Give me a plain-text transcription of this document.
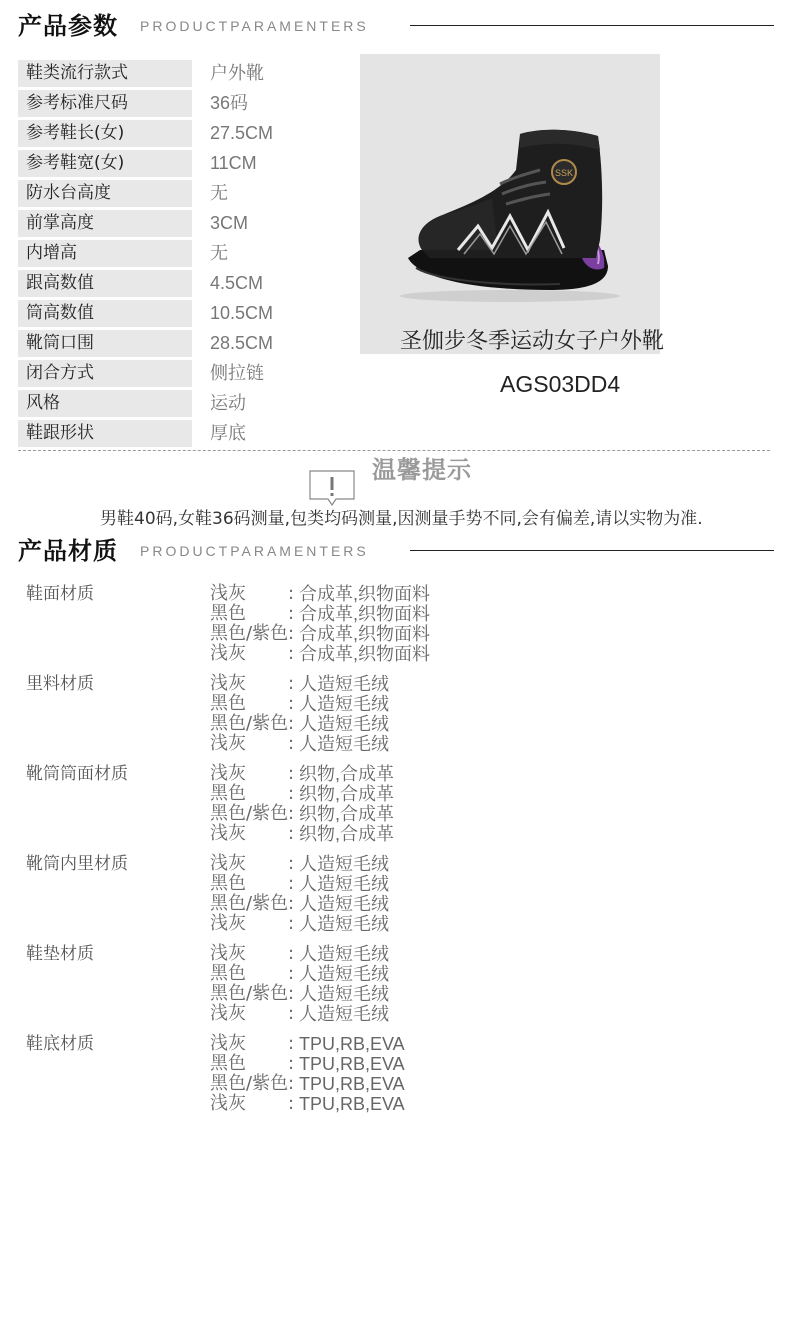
产品参数 PRODUCTPARAMENTERS
鞋类流行款式	户外靴
参考标准尺码	36码
参考鞋长(女)	27.5CM
参考鞋宽(女)	11CM
防水台高度	无
前掌高度	3CM
内增高	无
跟高数值	4.5CM
筒高数值	10.5CM
靴筒口围	28.5CM
闭合方式	侧拉链
风格	运动
鞋跟形状	厚底
SSK
圣伽步冬季运动女子户外靴
AGS03DD4
温馨提示
男鞋40码,女鞋36码测量,包类均码测量,因测量手势不同,会有偏差,请以实物为准.
产品材质 PRODUCTPARAMENTERS
鞋面材质	浅灰 : 合成革,织物面料
黑色 : 合成革,织物面料
黑色/紫色 : 合成革,织物面料
浅灰 : 合成革,织物面料
里料材质	浅灰 : 人造短毛绒
黑色 : 人造短毛绒
黑色/紫色 : 人造短毛绒
浅灰 : 人造短毛绒
靴筒筒面材质	浅灰 : 织物,合成革
黑色 : 织物,合成革
黑色/紫色 : 织物,合成革
浅灰 : 织物,合成革
靴筒内里材质	浅灰 : 人造短毛绒
黑色 : 人造短毛绒
黑色/紫色 : 人造短毛绒
浅灰 : 人造短毛绒
鞋垫材质	浅灰 : 人造短毛绒
黑色 : 人造短毛绒
黑色/紫色 : 人造短毛绒
浅灰 : 人造短毛绒
鞋底材质	浅灰 : TPU,RB,EVA
黑色 : TPU,RB,EVA
黑色/紫色 : TPU,RB,EVA
浅灰 : TPU,RB,EVA
